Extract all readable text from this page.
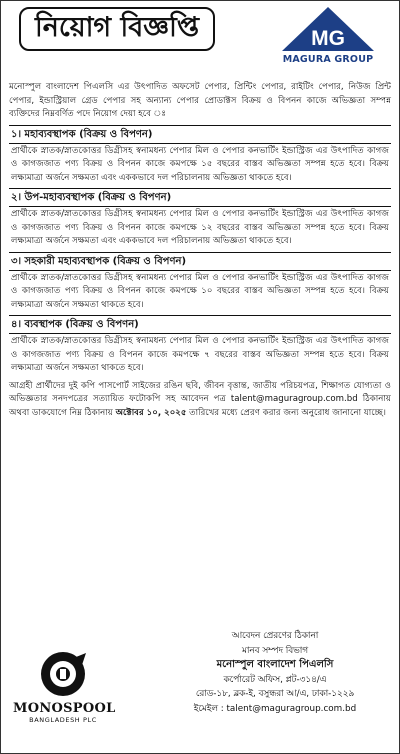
নিয়োগ বিজ্ঞপ্তি	MG
MAGURA GROUP

মনোস্পুল বাংলাদেশ পিএলসি এর উৎপাদিত অফসেট পেপার, প্রিন্টিং পেপার, রাইটিং পেপার, নিউজ প্রিন্ট পেপার, ইন্ডাস্ট্রিয়াল গ্রেড পেপার সহ অন্যান্য পেপার প্রোডাক্টস বিক্রয় ও বিপনন কাজে অভিজ্ঞতা সম্পন্ন ব্যক্তিদের নিম্নবর্ণিত পদে নিয়োগ দেয়া হবে ঃ

১। মহাব্যবস্থাপক (বিক্রয় ও বিপণন)

প্রার্থীকে স্নাতক/স্নাতকোত্তর ডিগ্রীসহ স্বনামধন্য পেপার মিল ও পেপার কনভার্টিং ইন্ডাস্ট্রিজ এর উৎপাদিত কাগজ ও কাগজজাত পণ্য বিক্রয় ও বিপনন কাজে কমপক্ষে ১৫ বছরের বাস্তব অভিজ্ঞতা সম্পন্ন হতে হবে। বিক্রয় লক্ষ্যমাত্রা অর্জনে সক্ষমতা এবং এককভাবে দল পরিচালনায় অভিজ্ঞতা থাকতে হবে।

২। উপ-মহাব্যবস্থাপক (বিক্রয় ও বিপণন)

প্রার্থীকে স্নাতক/স্নাতকোত্তর ডিগ্রীসহ স্বনামধন্য পেপার মিল ও পেপার কনভার্টিং ইন্ডাস্ট্রিজ এর উৎপাদিত কাগজ ও কাগজজাত পণ্য বিক্রয় ও বিপনন কাজে কমপক্ষে ১২ বছরের বাস্তব অভিজ্ঞতা সম্পন্ন হতে হবে। বিক্রয় লক্ষ্যমাত্রা অর্জনে সক্ষমতা এবং এককভাবে দল পরিচালনায় অভিজ্ঞতা থাকতে হবে।

৩। সহকারী মহাব্যবস্থাপক (বিক্রয় ও বিপণন)

প্রার্থীকে স্নাতক/স্নাতকোত্তর ডিগ্রীসহ স্বনামধন্য পেপার মিল ও পেপার কনভার্টিং ইন্ডাস্ট্রিজ এর উৎপাদিত কাগজ ও কাগজজাত পণ্য বিক্রয় ও বিপনন কাজে কমপক্ষে ১০ বছরের বাস্তব অভিজ্ঞতা সম্পন্ন হতে হবে। বিক্রয় লক্ষ্যমাত্রা অর্জনে সক্ষমতা থাকতে হবে।

৪। ব্যবস্থাপক (বিক্রয় ও বিপণন)

প্রার্থীকে স্নাতক/স্নাতকোত্তর ডিগ্রীসহ স্বনামধন্য পেপার মিল ও পেপার কনভার্টিং ইন্ডাস্ট্রিজ এর উৎপাদিত কাগজ ও কাগজজাত পণ্য বিক্রয় ও বিপনন কাজে কমপক্ষে ৭ বছরের বাস্তব অভিজ্ঞতা সম্পন্ন হতে হবে। বিক্রয় লক্ষ্যমাত্রা অর্জনে সক্ষমতা থাকতে হবে।

আগ্রহী প্রার্থীদের দুই কপি পাসপোর্ট সাইজের রঙিন ছবি, জীবন বৃত্তান্ত, জাতীয় পরিচয়পত্র, শিক্ষাগত যোগ্যতা ও অভিজ্ঞতার সনদপত্রের সত্যায়িত ফটোকপি সহ আবেদন পত্র talent@maguragroup.com.bd ঠিকানায় অথবা ডাকযোগে নিম্ন ঠিকানায় অক্টোবর ১০, ২০২৫ তারিখের মধ্যে প্রেরণ করার জন্য অনুরোধ জানানো যাচ্ছে।

MONOSPOOL
BANGLADESH PLC
আবেদন প্রেরণের ঠিকানা
মানব সম্পদ বিভাগ
মনোস্পুল বাংলাদেশ পিএলসি
কর্পোরেট অফিস, প্লট-৩১৪/এ
রোড-১৮, ব্লক-ই, বসুন্ধরা আ/এ, ঢাকা-১২২৯
ইমেইল : talent@maguragroup.com.bd
